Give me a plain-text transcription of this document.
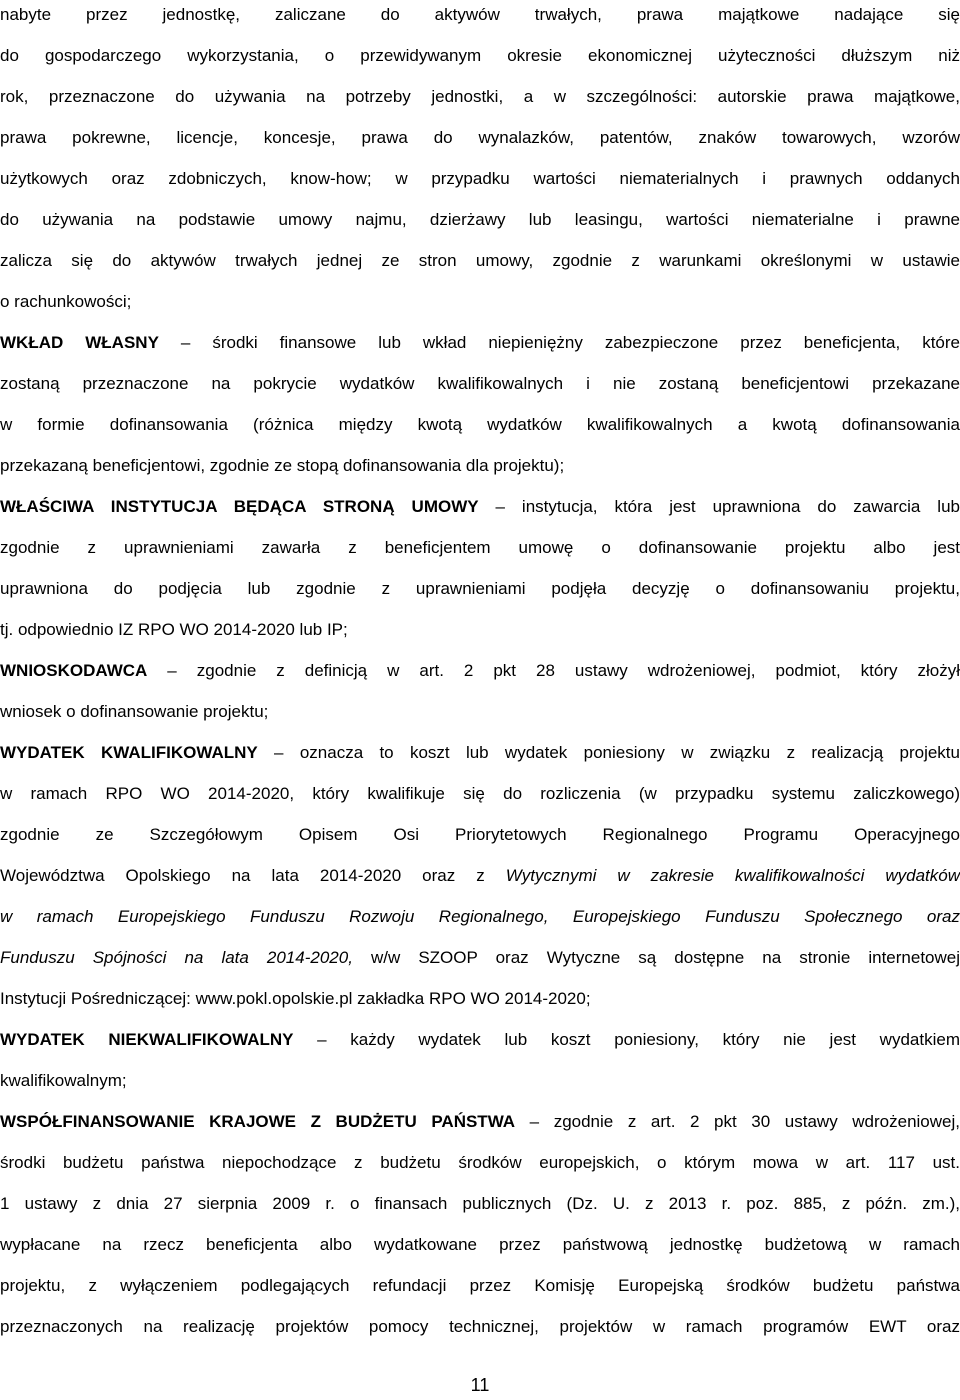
nabyte przez jednostkę, zaliczane do aktywów trwałych, prawa majątkowe nadające się
do gospodarczego wykorzystania, o przewidywanym okresie ekonomicznej użyteczności dłuższym niż
rok, przeznaczone do używania na potrzeby jednostki, a w szczególności: autorskie prawa majątkowe,
prawa pokrewne, licencje, koncesje, prawa do wynalazków, patentów, znaków towarowych, wzorów
użytkowych oraz zdobniczych, know-how; w przypadku wartości niematerialnych i prawnych oddanych
do używania na podstawie umowy najmu, dzierżawy lub leasingu, wartości niematerialne i prawne
zalicza się do aktywów trwałych jednej ze stron umowy, zgodnie z warunkami określonymi w ustawie
o rachunkowości;
WKŁAD WŁASNY – środki finansowe lub wkład niepieniężny zabezpieczone przez beneficjenta, które
zostaną przeznaczone na pokrycie wydatków kwalifikowalnych i nie zostaną beneficjentowi przekazane
w formie dofinansowania (różnica między kwotą wydatków kwalifikowalnych a kwotą dofinansowania
przekazaną beneficjentowi, zgodnie ze stopą dofinansowania dla projektu);
WŁAŚCIWA INSTYTUCJA BĘDĄCA STRONĄ UMOWY – instytucja, która jest uprawniona do zawarcia lub
zgodnie z uprawnieniami zawarła z beneficjentem umowę o dofinansowanie projektu albo jest
uprawniona do podjęcia lub zgodnie z uprawnieniami podjęła decyzję o dofinansowaniu projektu,
tj. odpowiednio IZ RPO WO 2014-2020 lub IP;
WNIOSKODAWCA – zgodnie z definicją w art. 2 pkt 28 ustawy wdrożeniowej, podmiot, który złożył
wniosek o dofinansowanie projektu;
WYDATEK KWALIFIKOWALNY – oznacza to koszt lub wydatek poniesiony w związku z realizacją projektu
w ramach RPO WO 2014-2020, który kwalifikuje się do rozliczenia (w przypadku systemu zaliczkowego)
zgodnie ze Szczegółowym Opisem Osi Priorytetowych Regionalnego Programu Operacyjnego
Województwa Opolskiego na lata 2014-2020 oraz z Wytycznymi w zakresie kwalifikowalności wydatków
w ramach Europejskiego Funduszu Rozwoju Regionalnego, Europejskiego Funduszu Społecznego oraz
Funduszu Spójności na lata 2014-2020, w/w SZOOP oraz Wytyczne są dostępne na stronie internetowej
Instytucji Pośredniczącej: www.pokl.opolskie.pl zakładka RPO WO 2014-2020;
WYDATEK NIEKWALIFIKOWALNY – każdy wydatek lub koszt poniesiony, który nie jest wydatkiem
kwalifikowalnym;
WSPÓŁFINANSOWANIE KRAJOWE Z BUDŻETU PAŃSTWA – zgodnie z art. 2 pkt 30 ustawy wdrożeniowej,
środki budżetu państwa niepochodzące z budżetu środków europejskich, o którym mowa w art. 117 ust.
1 ustawy z dnia 27 sierpnia 2009 r. o finansach publicznych (Dz. U. z 2013 r. poz. 885, z późn. zm.),
wypłacane na rzecz beneficjenta albo wydatkowane przez państwową jednostkę budżetową w ramach
projektu, z wyłączeniem podlegających refundacji przez Komisję Europejską środków budżetu państwa
przeznaczonych na realizację projektów pomocy technicznej, projektów w ramach programów EWT oraz
11
